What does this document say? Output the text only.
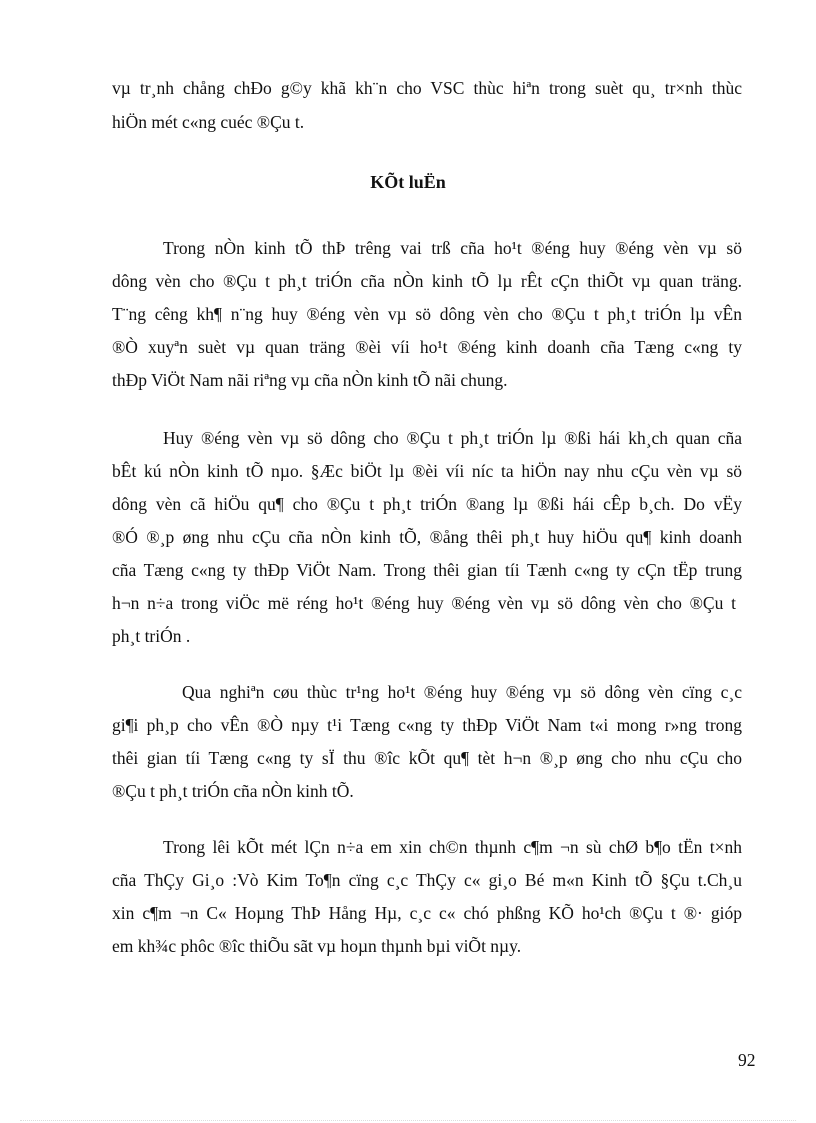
vµ tr¸nh chång chÐo g©y khã kh¨n cho VSC thùc hiªn trong suèt qu¸ tr×nh thùc
hiÖn mét c«ng cuéc ®Çu t.
KÕt luËn
Trong nÒn kinh tÕ thÞ trêng vai trß cña ho¹t ®éng huy ®éng vèn vµ sö
dông vèn cho ®Çu t ph¸t triÓn cña nÒn kinh tÕ lµ rÊt cÇn thiÕt vµ quan träng.
T¨ng cêng kh¶ n¨ng huy ®éng vèn vµ sö dông vèn cho ®Çu t ph¸t triÓn lµ vÊn
®Ò xuyªn suèt vµ quan träng ®èi víi ho¹t ®éng kinh doanh cña Tæng c«ng ty
thÐp ViÖt Nam nãi riªng vµ cña nÒn kinh tÕ nãi chung.
Huy ®éng vèn vµ sö dông cho ®Çu t ph¸t triÓn lµ ®ßi hái kh¸ch quan cña
bÊt kú nÒn kinh tÕ nµo. §Æc biÖt lµ ®èi víi níc ta hiÖn nay nhu cÇu vèn vµ sö
dông vèn cã hiÖu qu¶ cho ®Çu t ph¸t triÓn ®ang lµ ®ßi hái cÊp b¸ch. Do vËy
®Ó ®¸p øng nhu cÇu cña nÒn kinh tÕ, ®ång thêi ph¸t huy hiÖu qu¶ kinh doanh
cña Tæng c«ng ty thÐp ViÖt Nam. Trong thêi gian tíi Tænh c«ng ty cÇn tËp trung
h¬n n÷a trong viÖc më réng ho¹t ®éng huy ®éng vèn vµ sö dông vèn cho ®Çu t
ph¸t triÓn .
Qua nghiªn cøu thùc tr¹ng ho¹t ®éng huy ®éng vµ sö dông vèn cïng c¸c
gi¶i ph¸p cho vÊn ®Ò nµy t¹i Tæng c«ng ty thÐp ViÖt Nam t«i mong r»ng trong
thêi gian tíi Tæng c«ng ty sÏ thu ®îc kÕt qu¶ tèt h¬n ®¸p øng cho nhu cÇu cho
®Çu t ph¸t triÓn cña nÒn kinh tÕ.
Trong lêi kÕt mét lÇn n÷a em xin ch©n thµnh c¶m ¬n sù chØ b¶o tËn t×nh
cña ThÇy Gi¸o :Vò Kim To¶n cïng c¸c ThÇy c« gi¸o Bé m«n Kinh tÕ §Çu t.Ch¸u
xin c¶m ¬n C« Hoµng ThÞ Hång Hµ, c¸c c« chó phßng KÕ ho¹ch ®Çu t ®· gióp
em kh¾c phôc ®îc thiÕu sãt vµ hoµn thµnh bµi viÕt nµy.
92
